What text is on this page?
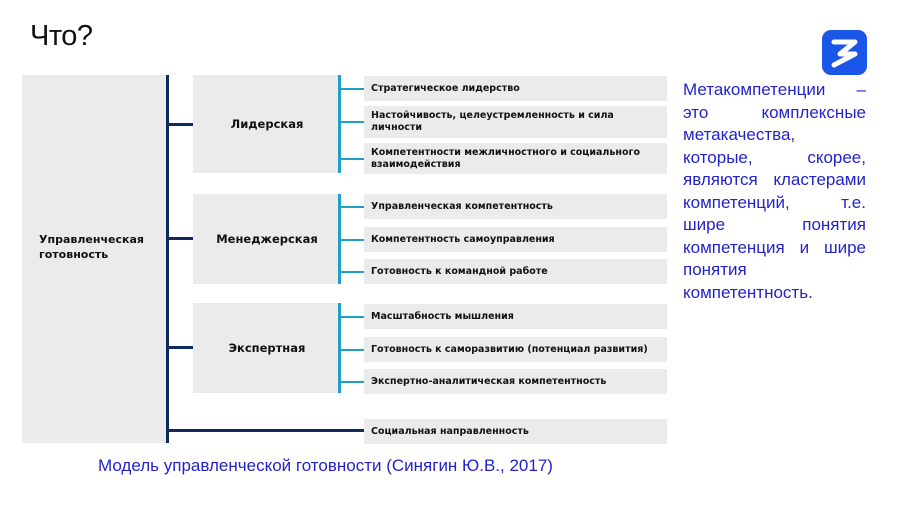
Что?
Управленческая готовность
Лидерская
Менеджерская
Экспертная
Стратегическое лидерство
Настойчивость, целеустремленность и сила личности
Компетентности межличностного и социального взаимодействия
Управленческая компетентность
Компетентность самоуправления
Готовность к командной работе
Масштабность мышления
Готовность к саморазвитию (потенциал развития)
Экспертно-аналитическая компетентность
Социальная направленность
Метакомпетенции – это комплексные метакачества, которые, скорее, являются кластерами компетенций, т.е. шире понятия компетенция и шире понятия компетентность.
Модель управленческой готовности (Синягин Ю.В., 2017)
